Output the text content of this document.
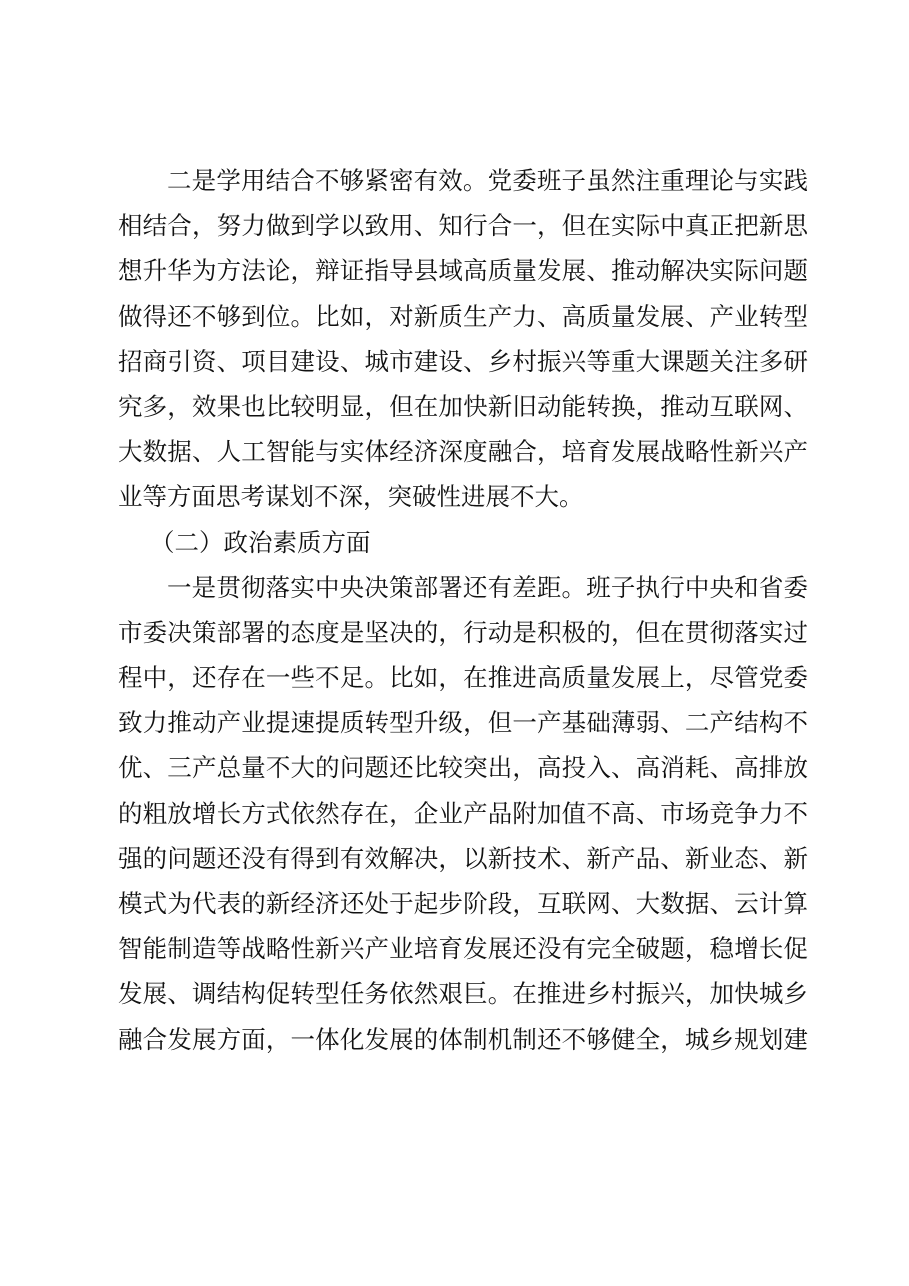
二是学用结合不够紧密有效。党委班子虽然注重理论与实践
相结合，努力做到学以致用、知行合一，但在实际中真正把新思
想升华为方法论，辩证指导县域高质量发展、推动解决实际问题
做得还不够到位。比如，对新质生产力、高质量发展、产业转型
招商引资、项目建设、城市建设、乡村振兴等重大课题关注多研
究多，效果也比较明显，但在加快新旧动能转换，推动互联网、
大数据、人工智能与实体经济深度融合，培育发展战略性新兴产
业等方面思考谋划不深，突破性进展不大。
（二）政治素质方面
一是贯彻落实中央决策部署还有差距。班子执行中央和省委
市委决策部署的态度是坚决的，行动是积极的，但在贯彻落实过
程中，还存在一些不足。比如，在推进高质量发展上，尽管党委
致力推动产业提速提质转型升级，但一产基础薄弱、二产结构不
优、三产总量不大的问题还比较突出，高投入、高消耗、高排放
的粗放增长方式依然存在，企业产品附加值不高、市场竞争力不
强的问题还没有得到有效解决，以新技术、新产品、新业态、新
模式为代表的新经济还处于起步阶段，互联网、大数据、云计算
智能制造等战略性新兴产业培育发展还没有完全破题，稳增长促
发展、调结构促转型任务依然艰巨。在推进乡村振兴，加快城乡
融合发展方面，一体化发展的体制机制还不够健全，城乡规划建
